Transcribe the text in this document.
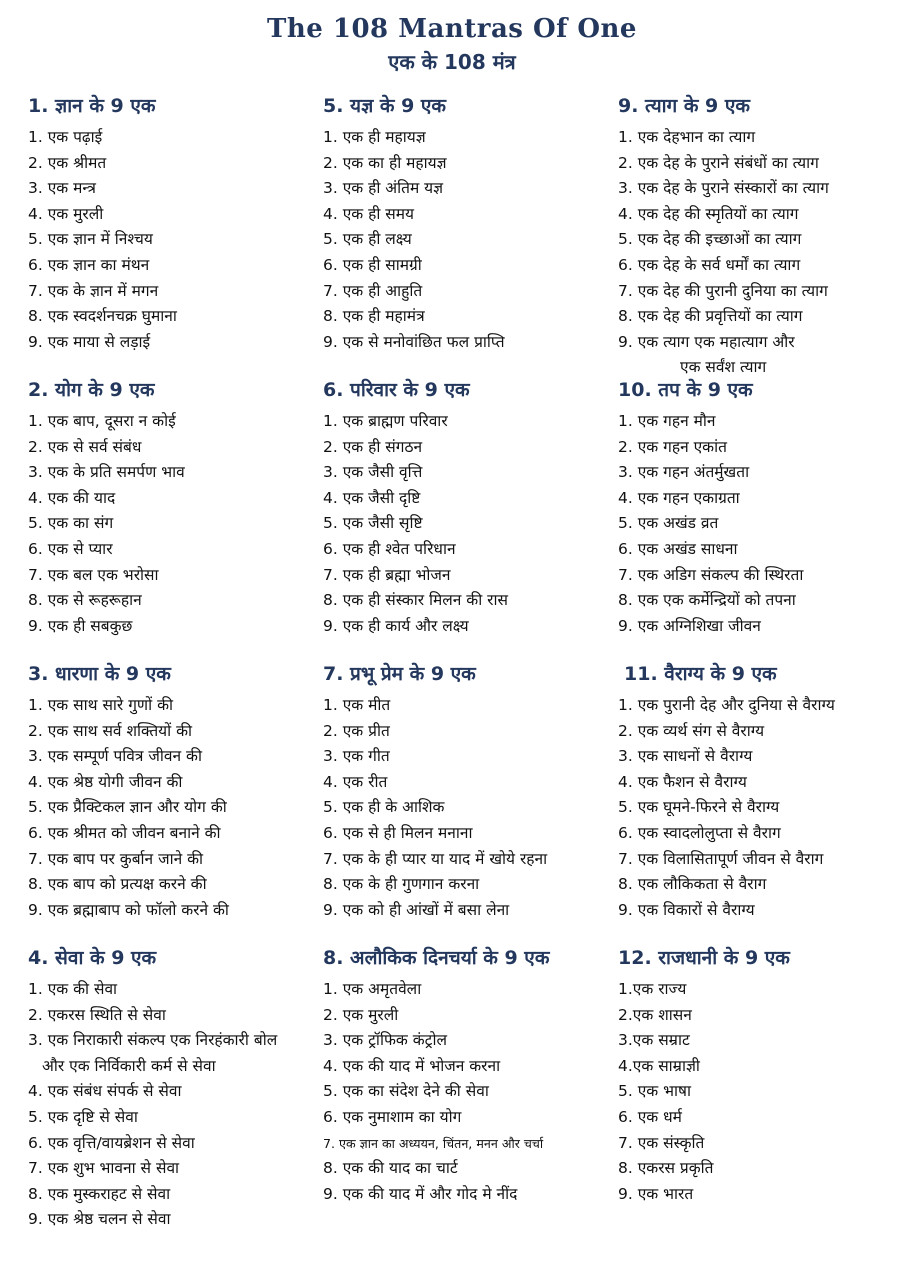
The 108 Mantras Of One
एक के 108 मंत्र
1. ज्ञान के 9 एक
1. एक पढ़ाई
2. एक श्रीमत
3. एक मन्त्र
4. एक मुरली
5. एक ज्ञान में निश्चय
6. एक ज्ञान का मंथन
7. एक के ज्ञान में मगन
8. एक स्वदर्शनचक्र घुमाना
9. एक माया से लड़ाई
2. योग के 9 एक
1. एक बाप, दूसरा न कोई
2. एक से सर्व संबंध
3. एक के प्रति समर्पण भाव
4. एक की याद
5. एक का संग
6. एक से प्यार
7. एक बल एक भरोसा
8. एक से रूहरूहान
9. एक ही सबकुछ
3. धारणा के 9 एक
1. एक साथ सारे गुणों की
2. एक साथ सर्व शक्तियों की
3. एक सम्पूर्ण पवित्र जीवन की
4. एक श्रेष्ठ योगी जीवन की
5. एक प्रैक्टिकल ज्ञान और योग की
6. एक श्रीमत को जीवन बनाने की
7. एक बाप पर कुर्बान जाने की
8. एक बाप को प्रत्यक्ष करने की
9. एक ब्रह्माबाप को फॉलो करने की
4. सेवा के 9 एक
1. एक की सेवा
2. एकरस स्थिति से सेवा
3. एक निराकारी संकल्प एक निरहंकारी बोल
और एक निर्विकारी कर्म से सेवा
4. एक संबंध संपर्क से सेवा
5. एक दृष्टि से सेवा
6. एक वृत्ति/वायब्रेशन से सेवा
7. एक शुभ भावना से सेवा
8. एक मुस्कराहट से सेवा
9. एक श्रेष्ठ चलन से सेवा
5. यज्ञ के 9 एक
1. एक ही महायज्ञ
2. एक का ही महायज्ञ
3. एक ही अंतिम यज्ञ
4. एक ही समय
5. एक ही लक्ष्य
6. एक ही सामग्री
7. एक ही आहुति
8. एक ही महामंत्र
9. एक से मनोवांछित फल प्राप्ति
6. परिवार के 9 एक
1. एक ब्राह्मण परिवार
2. एक ही संगठन
3. एक जैसी वृत्ति
4. एक जैसी दृष्टि
5. एक जैसी सृष्टि
6. एक ही श्वेत परिधान
7. एक ही ब्रह्मा भोजन
8. एक ही संस्कार मिलन की रास
9. एक ही कार्य और लक्ष्य
7. प्रभू प्रेम के 9 एक
1. एक मीत
2. एक प्रीत
3. एक गीत
4. एक रीत
5. एक ही के आशिक
6. एक से ही मिलन मनाना
7. एक के ही प्यार या याद में खोये रहना
8. एक के ही गुणगान करना
9. एक को ही आंखों में बसा लेना
8. अलौकिक दिनचर्या के 9 एक
1. एक अमृतवेला
2. एक मुरली
3. एक ट्रॉफिक कंट्रोल
4. एक की याद में भोजन करना
5. एक का संदेश देने की सेवा
6. एक नुमाशाम का योग
7. एक ज्ञान का अध्ययन, चिंतन, मनन और चर्चा
8. एक की याद का चार्ट
9. एक की याद में और गोद मे नींद
9. त्याग के 9 एक
1. एक देहभान का त्याग
2. एक देह के पुराने संबंधों का त्याग
3. एक देह के पुराने संस्कारों का त्याग
4. एक देह की स्मृतियों का त्याग
5. एक देह की इच्छाओं का त्याग
6. एक देह के सर्व धर्मों का त्याग
7. एक देह की पुरानी दुनिया का त्याग
8. एक देह की प्रवृत्तियों का त्याग
9. एक त्याग एक महात्याग और
एक सर्वंश त्याग
10. तप के 9 एक
1. एक गहन मौन
2. एक गहन एकांत
3. एक गहन अंतर्मुखता
4. एक गहन एकाग्रता
5. एक अखंड व्रत
6. एक अखंड साधना
7. एक अडिग संकल्प की स्थिरता
8. एक एक कर्मेन्द्रियों को तपना
9. एक अग्निशिखा जीवन
11. वैराग्य के 9 एक
1. एक पुरानी देह और दुनिया से वैराग्य
2. एक व्यर्थ संग से वैराग्य
3. एक साधनों से वैराग्य
4. एक फैशन से वैराग्य
5. एक घूमने-फिरने से वैराग्य
6. एक स्वादलोलुप्ता से वैराग
7. एक विलासितापूर्ण जीवन से वैराग
8. एक लौकिकता से वैराग
9. एक विकारों से वैराग्य
12. राजधानी के 9 एक
1.एक राज्य
2.एक शासन
3.एक सम्राट
4.एक साम्राज्ञी
5. एक भाषा
6. एक धर्म
7. एक संस्कृति
8. एकरस प्रकृति
9. एक भारत
